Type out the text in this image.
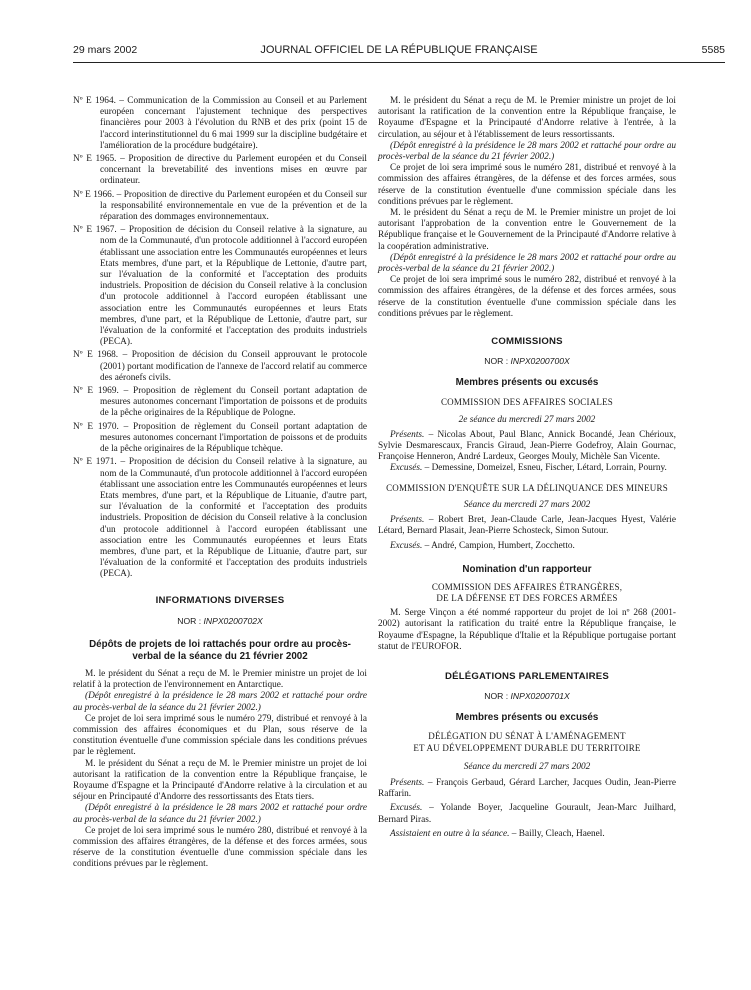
29 mars 2002	JOURNAL OFFICIEL DE LA RÉPUBLIQUE FRANÇAISE	5585

Nº E 1964. – Communication de la Commission au Conseil et au Parlement européen concernant l'ajustement technique des perspectives financières pour 2003 à l'évolution du RNB et des prix (point 15 de l'accord interinstitutionnel du 6 mai 1999 sur la discipline budgétaire et l'amélioration de la procédure budgétaire).

Nº E 1965. – Proposition de directive du Parlement européen et du Conseil concernant la brevetabilité des inventions mises en œuvre par ordinateur.

Nº E 1966. – Proposition de directive du Parlement européen et du Conseil sur la responsabilité environnementale en vue de la prévention et de la réparation des dommages environnementaux.

Nº E 1967. – Proposition de décision du Conseil relative à la signature, au nom de la Communauté, d'un protocole additionnel à l'accord européen établissant une association entre les Communautés européennes et leurs Etats membres, d'une part, et la République de Lettonie, d'autre part, sur l'évaluation de la conformité et l'acceptation des produits industriels. Proposition de décision du Conseil relative à la conclusion d'un protocole additionnel à l'accord européen établissant une association entre les Communautés européennes et leurs Etats membres, d'une part, et la République de Lettonie, d'autre part, sur l'évaluation de la conformité et l'acceptation des produits industriels (PECA).

Nº E 1968. – Proposition de décision du Conseil approuvant le protocole (2001) portant modification de l'annexe de l'accord relatif au commerce des aéronefs civils.

Nº E 1969. – Proposition de règlement du Conseil portant adaptation de mesures autonomes concernant l'importation de poissons et de produits de la pêche originaires de la République de Pologne.

Nº E 1970. – Proposition de règlement du Conseil portant adaptation de mesures autonomes concernant l'importation de poissons et de produits de la pêche originaires de la République tchèque.

Nº E 1971. – Proposition de décision du Conseil relative à la signature, au nom de la Communauté, d'un protocole additionnel à l'accord européen établissant une association entre les Communautés européennes et leurs Etats membres, d'une part, et la République de Lituanie, d'autre part, sur l'évaluation de la conformité et l'acceptation des produits industriels. Proposition de décision du Conseil relative à la conclusion d'un protocole additionnel à l'accord européen établissant une association entre les Communautés européennes et leurs Etats membres, d'une part, et la République de Lituanie, d'autre part, sur l'évaluation de la conformité et l'acceptation des produits industriels (PECA).

INFORMATIONS DIVERSES

NOR : INPX0200702X

Dépôts de projets de loi rattachés pour ordre au procès-verbal de la séance du 21 février 2002

M. le président du Sénat a reçu de M. le Premier ministre un projet de loi relatif à la protection de l'environnement en Antarctique.

(Dépôt enregistré à la présidence le 28 mars 2002 et rattaché pour ordre au procès-verbal de la séance du 21 février 2002.)

Ce projet de loi sera imprimé sous le numéro 279, distribué et renvoyé à la commission des affaires économiques et du Plan, sous réserve de la constitution éventuelle d'une commission spéciale dans les conditions prévues par le règlement.

M. le président du Sénat a reçu de M. le Premier ministre un projet de loi autorisant la ratification de la convention entre la République française, le Royaume d'Espagne et la Principauté d'Andorre relative à la circulation et au séjour en Principauté d'Andorre des ressortissants des Etats tiers.

(Dépôt enregistré à la présidence le 28 mars 2002 et rattaché pour ordre au procès-verbal de la séance du 21 février 2002.)

Ce projet de loi sera imprimé sous le numéro 280, distribué et renvoyé à la commission des affaires étrangères, de la défense et des forces armées, sous réserve de la constitution éventuelle d'une commission spéciale dans les conditions prévues par le règlement.

M. le président du Sénat a reçu de M. le Premier ministre un projet de loi autorisant la ratification de la convention entre la République française, le Royaume d'Espagne et la Principauté d'Andorre relative à l'entrée, à la circulation, au séjour et à l'établissement de leurs ressortissants.

(Dépôt enregistré à la présidence le 28 mars 2002 et rattaché pour ordre au procès-verbal de la séance du 21 février 2002.)

Ce projet de loi sera imprimé sous le numéro 281, distribué et renvoyé à la commission des affaires étrangères, de la défense et des forces armées, sous réserve de la constitution éventuelle d'une commission spéciale dans les conditions prévues par le règlement.

M. le président du Sénat a reçu de M. le Premier ministre un projet de loi autorisant l'approbation de la convention entre le Gouvernement de la République française et le Gouvernement de la Principauté d'Andorre relative à la coopération administrative.

(Dépôt enregistré à la présidence le 28 mars 2002 et rattaché pour ordre au procès-verbal de la séance du 21 février 2002.)

Ce projet de loi sera imprimé sous le numéro 282, distribué et renvoyé à la commission des affaires étrangères, de la défense et des forces armées, sous réserve de la constitution éventuelle d'une commission spéciale dans les conditions prévues par le règlement.

COMMISSIONS

NOR : INPX0200700X

Membres présents ou excusés

COMMISSION DES AFFAIRES SOCIALES

2e séance du mercredi 27 mars 2002

Présents. – Nicolas About, Paul Blanc, Annick Bocandé, Jean Chérioux, Sylvie Desmarescaux, Francis Giraud, Jean-Pierre Godefroy, Alain Gournac, Françoise Henneron, André Lardeux, Georges Mouly, Michèle San Vicente.

Excusés. – Demessine, Domeizel, Esneu, Fischer, Létard, Lorrain, Pourny.

COMMISSION D'ENQUÊTE SUR LA DÉLINQUANCE DES MINEURS

Séance du mercredi 27 mars 2002

Présents. – Robert Bret, Jean-Claude Carle, Jean-Jacques Hyest, Valérie Létard, Bernard Plasait, Jean-Pierre Schosteck, Simon Sutour.

Excusés. – André, Campion, Humbert, Zocchetto.

Nomination d'un rapporteur

COMMISSION DES AFFAIRES ÉTRANGÈRES,

DE LA DÉFENSE ET DES FORCES ARMÉES

M. Serge Vinçon a été nommé rapporteur du projet de loi nº 268 (2001-2002) autorisant la ratification du traité entre la République française, le Royaume d'Espagne, la République d'Italie et la République portugaise portant statut de l'EUROFOR.

DÉLÉGATIONS PARLEMENTAIRES

NOR : INPX0200701X

Membres présents ou excusés

DÉLÉGATION DU SÉNAT À L'AMÉNAGEMENT

ET AU DÉVELOPPEMENT DURABLE DU TERRITOIRE

Séance du mercredi 27 mars 2002

Présents. – François Gerbaud, Gérard Larcher, Jacques Oudin, Jean-Pierre Raffarin.

Excusés. – Yolande Boyer, Jacqueline Gourault, Jean-Marc Juilhard, Bernard Piras.

Assistaient en outre à la séance. – Bailly, Cleach, Haenel.
